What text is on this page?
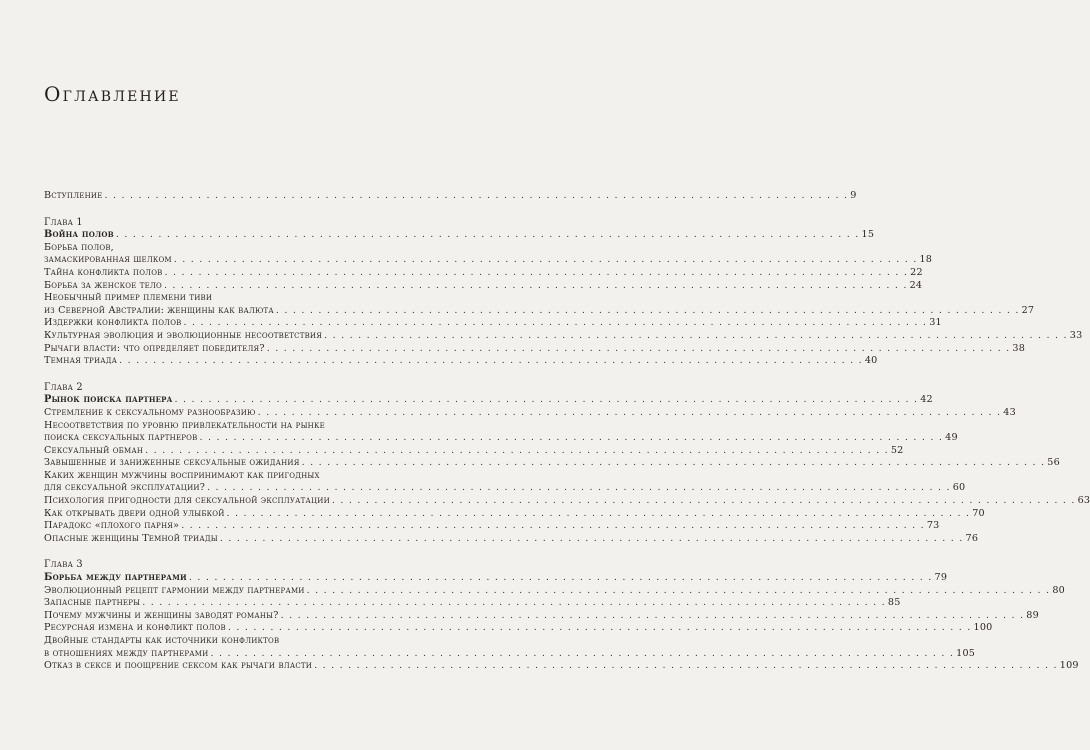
Оглавление
Вступление . . .	9
Глава 1
Война полов . . .	15
Борьба полов,
замаскированная шелком . . .	18
Тайна конфликта полов . . .	22
Борьба за женское тело . . .	24
Необычный пример племени тиви
из Северной Австралии: женщины как валюта . . .	27
Издержки конфликта полов . . .	31
Культурная эволюция и эволюционные несоответствия . . .	33
Рычаги власти: что определяет победителя? . . .	38
Темная триада . . .	40
Глава 2
Рынок поиска партнера . . .	42
Стремление к сексуальному разнообразию . . .	43
Несоответствия по уровню привлекательности на рынке
поиска сексуальных партнеров . . .	49
Сексуальный обман . . .	52
Завышенные и заниженные сексуальные ожидания . . .	56
Каких женщин мужчины воспринимают как пригодных
для сексуальной эксплуатации? . . .	60
Психология пригодности для сексуальной эксплуатации . . .	63
Как открывать двери одной улыбкой . . .	70
Парадокс «плохого парня» . . .	73
Опасные женщины Темной триады . . .	76
Глава 3
Борьба между партнерами . . .	79
Эволюционный рецепт гармонии между партнерами . . .	80
Запасные партнеры . . .	85
Почему мужчины и женщины заводят романы? . . .	89
Ресурсная измена и конфликт полов . . .	100
Двойные стандарты как источники конфликтов
в отношениях между партнерами . . .	105
Отказ в сексе и поощрение сексом как рычаги власти . . .	109
